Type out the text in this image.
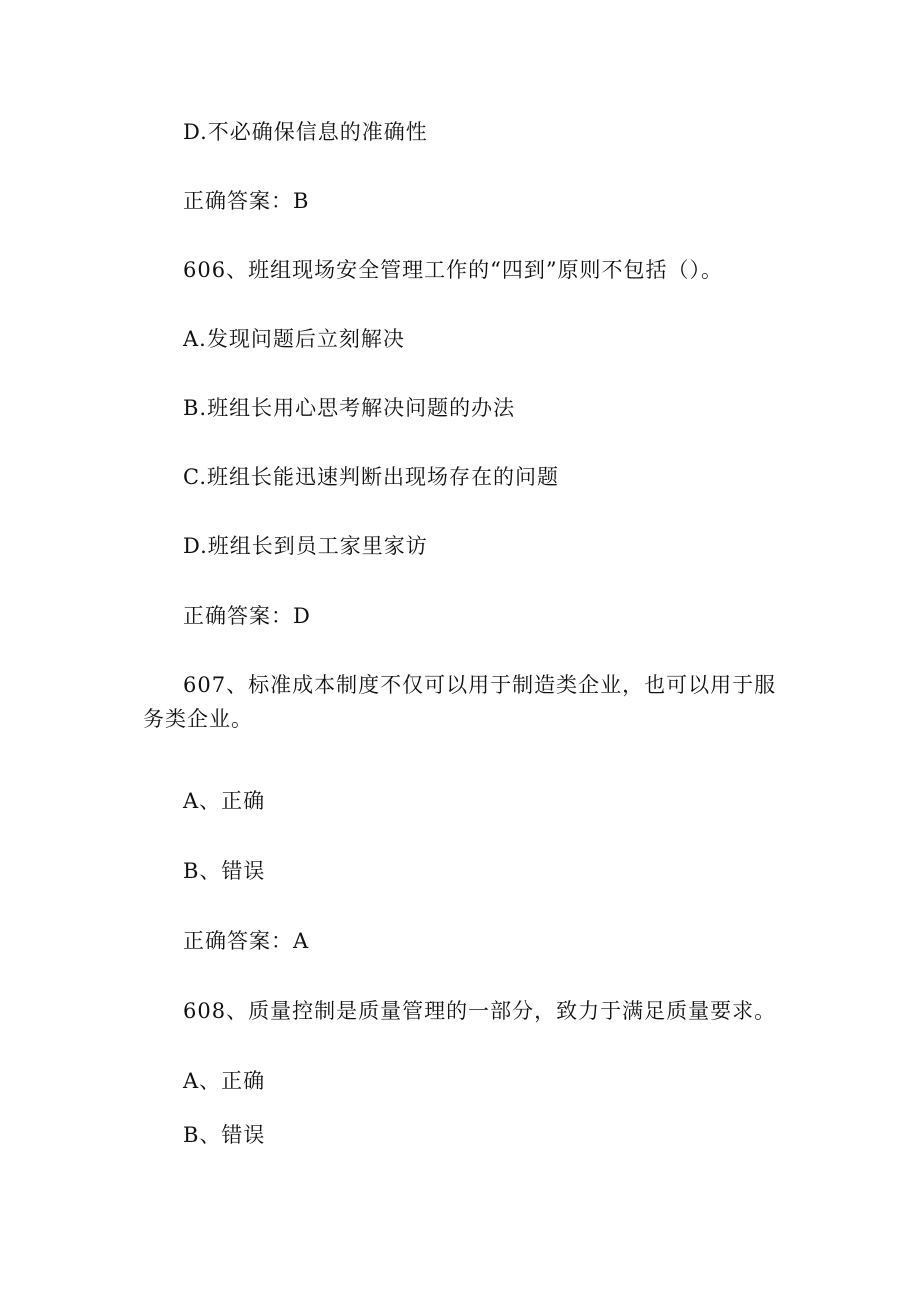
D.不必确保信息的准确性
正确答案：B
606、班组现场安全管理工作的“四到”原则不包括（）。
A.发现问题后立刻解决
B.班组长用心思考解决问题的办法
C.班组长能迅速判断出现场存在的问题
D.班组长到员工家里家访
正确答案：D
607、标准成本制度不仅可以用于制造类企业，也可以用于服务类企业。
A、正确
B、错误
正确答案：A
608、质量控制是质量管理的一部分，致力于满足质量要求。
A、正确
B、错误
